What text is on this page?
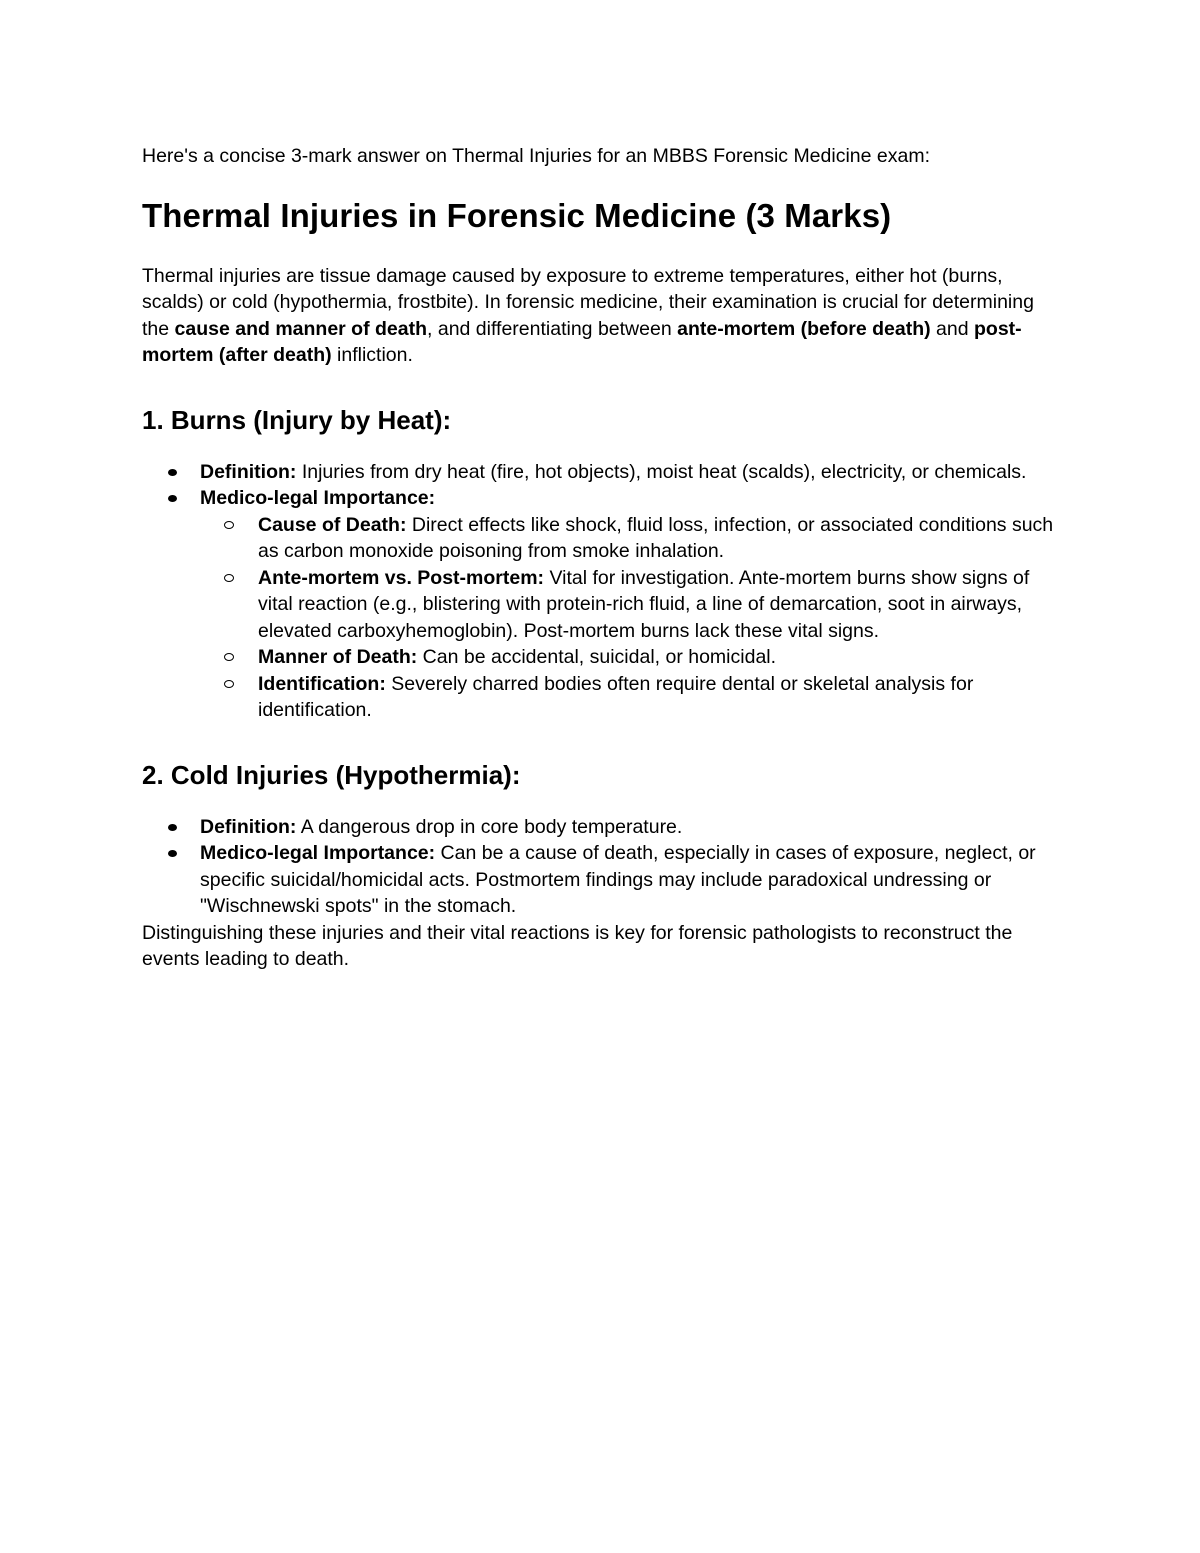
Here's a concise 3-mark answer on Thermal Injuries for an MBBS Forensic Medicine exam:

Thermal Injuries in Forensic Medicine (3 Marks)

Thermal injuries are tissue damage caused by exposure to extreme temperatures, either hot (burns, scalds) or cold (hypothermia, frostbite). In forensic medicine, their examination is crucial for determining the cause and manner of death, and differentiating between ante-mortem (before death) and post-mortem (after death) infliction.

1. Burns (Injury by Heat):
Definition: Injuries from dry heat (fire, hot objects), moist heat (scalds), electricity, or chemicals.
Medico-legal Importance:
Cause of Death: Direct effects like shock, fluid loss, infection, or associated conditions such as carbon monoxide poisoning from smoke inhalation.
Ante-mortem vs. Post-mortem: Vital for investigation. Ante-mortem burns show signs of vital reaction (e.g., blistering with protein-rich fluid, a line of demarcation, soot in airways, elevated carboxyhemoglobin). Post-mortem burns lack these vital signs.
Manner of Death: Can be accidental, suicidal, or homicidal.
Identification: Severely charred bodies often require dental or skeletal analysis for identification.
2. Cold Injuries (Hypothermia):
Definition: A dangerous drop in core body temperature.
Medico-legal Importance: Can be a cause of death, especially in cases of exposure, neglect, or specific suicidal/homicidal acts. Postmortem findings may include paradoxical undressing or "Wischnewski spots" in the stomach.

Distinguishing these injuries and their vital reactions is key for forensic pathologists to reconstruct the events leading to death.
